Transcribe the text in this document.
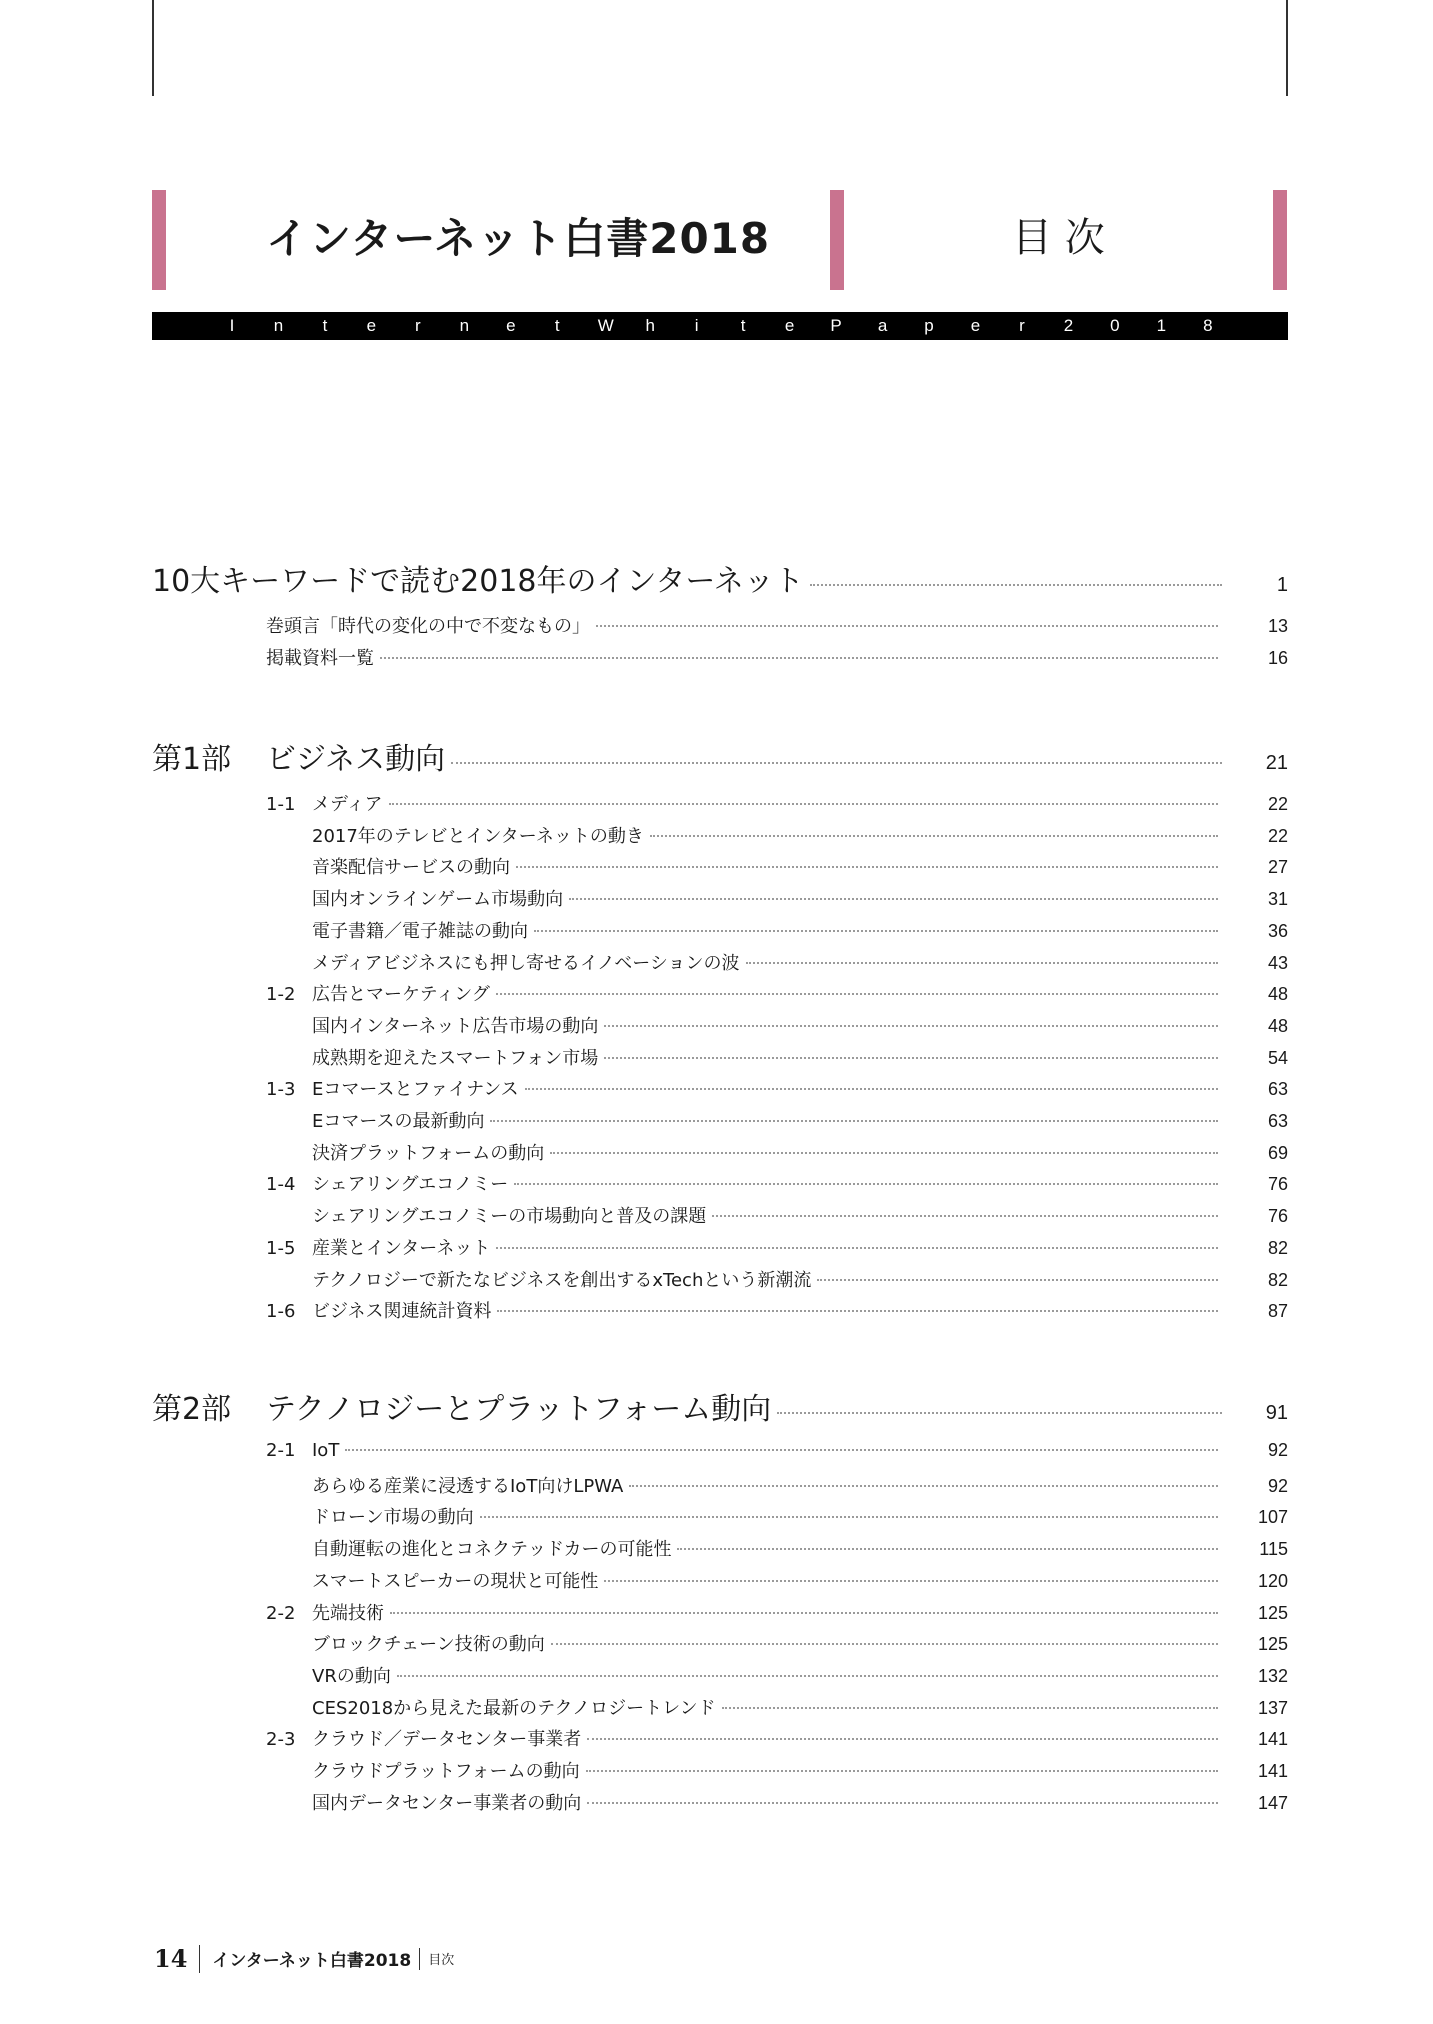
インターネット白書2018	目 次
I n t e r n e t W h i t e P a p e r 2 0 1 8
10大キーワードで読む2018年のインターネット	1
巻頭言「時代の変化の中で不変なもの」	13
掲載資料一覧	16
第1部 ビジネス動向	21
1-1 メディア	22
2017年のテレビとインターネットの動き	22
音楽配信サービスの動向	27
国内オンラインゲーム市場動向	31
電子書籍／電子雑誌の動向	36
メディアビジネスにも押し寄せるイノベーションの波	43
1-2 広告とマーケティング	48
国内インターネット広告市場の動向	48
成熟期を迎えたスマートフォン市場	54
1-3 Eコマースとファイナンス	63
Eコマースの最新動向	63
決済プラットフォームの動向	69
1-4 シェアリングエコノミー	76
シェアリングエコノミーの市場動向と普及の課題	76
1-5 産業とインターネット	82
テクノロジーで新たなビジネスを創出するxTechという新潮流	82
1-6 ビジネス関連統計資料	87
第2部 テクノロジーとプラットフォーム動向	91
2-1 IoT	92
あらゆる産業に浸透するIoT向けLPWA	92
ドローン市場の動向	107
自動運転の進化とコネクテッドカーの可能性	115
スマートスピーカーの現状と可能性	120
2-2 先端技術	125
ブロックチェーン技術の動向	125
VRの動向	132
CES2018から見えた最新のテクノロジートレンド	137
2-3 クラウド／データセンター事業者	141
クラウドプラットフォームの動向	141
国内データセンター事業者の動向	147
14 インターネット白書2018 目次
